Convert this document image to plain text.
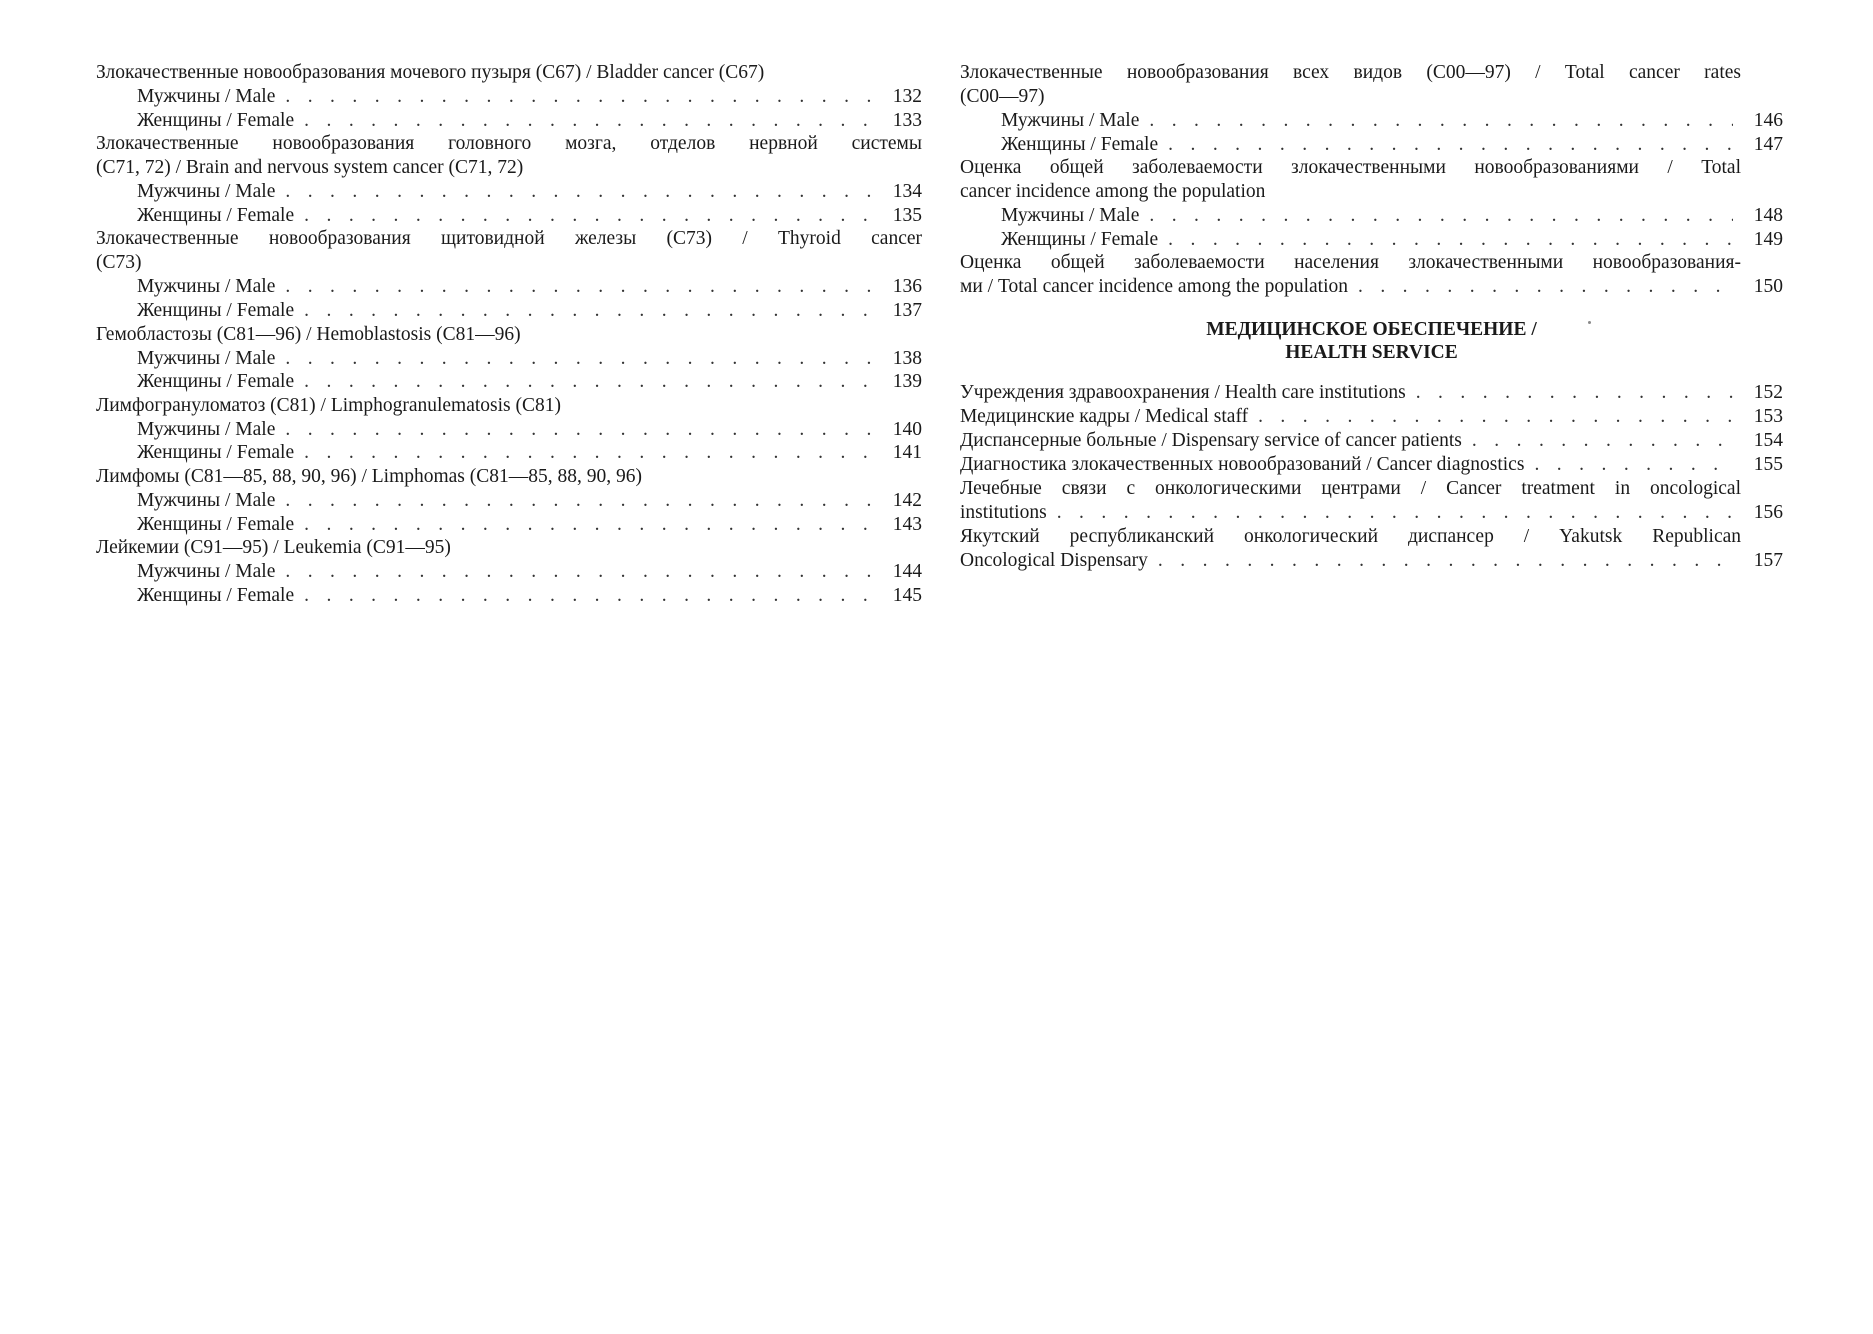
Злокачественные новообразования мочевого пузыря (C67) / Bladder cancer (C67)
Мужчины / Male . . .	132
Женщины / Female . . .	133
Злокачественные новообразования головного мозга, отделов нервной системы
(C71, 72) / Brain and nervous system cancer (C71, 72)
Мужчины / Male . . .	134
Женщины / Female . . .	135
Злокачественные новообразования щитовидной железы (C73) / Thyroid cancer
(C73)
Мужчины / Male . . .	136
Женщины / Female . . .	137
Гемобластозы (C81—96) / Hemoblastosis (C81—96)
Мужчины / Male . . .	138
Женщины / Female . . .	139
Лимфогрануломатоз (C81) / Limphogranulematosis (C81)
Мужчины / Male . . .	140
Женщины / Female . . .	141
Лимфомы (C81—85, 88, 90, 96) / Limphomas (C81—85, 88, 90, 96)
Мужчины / Male . . .	142
Женщины / Female . . .	143
Лейкемии (C91—95) / Leukemia (C91—95)
Мужчины / Male . . .	144
Женщины / Female . . .	145
Злокачественные новообразования всех видов (C00—97) / Total cancer rates
(C00—97)
Мужчины / Male . . .	146
Женщины / Female . . .	147
Оценка общей заболеваемости злокачественными новообразованиями / Total
cancer incidence among the population
Мужчины / Male . . .	148
Женщины / Female . . .	149
Оценка общей заболеваемости населения злокачественными новообразования-
ми / Total cancer incidence among the population . . .	150
МЕДИЦИНСКОЕ ОБЕСПЕЧЕНИЕ /
HEALTH SERVICE
Учреждения здравоохранения / Health care institutions . . .	152
Медицинские кадры / Medical staff . . .	153
Диспансерные больные / Dispensary service of cancer patients . . .	154
Диагностика злокачественных новообразований / Cancer diagnostics . . .	155
Лечебные связи с онкологическими центрами / Cancer treatment in oncological
institutions . . .	156
Якутский республиканский онкологический диспансер / Yakutsk Republican
Oncological Dispensary . . .	157
